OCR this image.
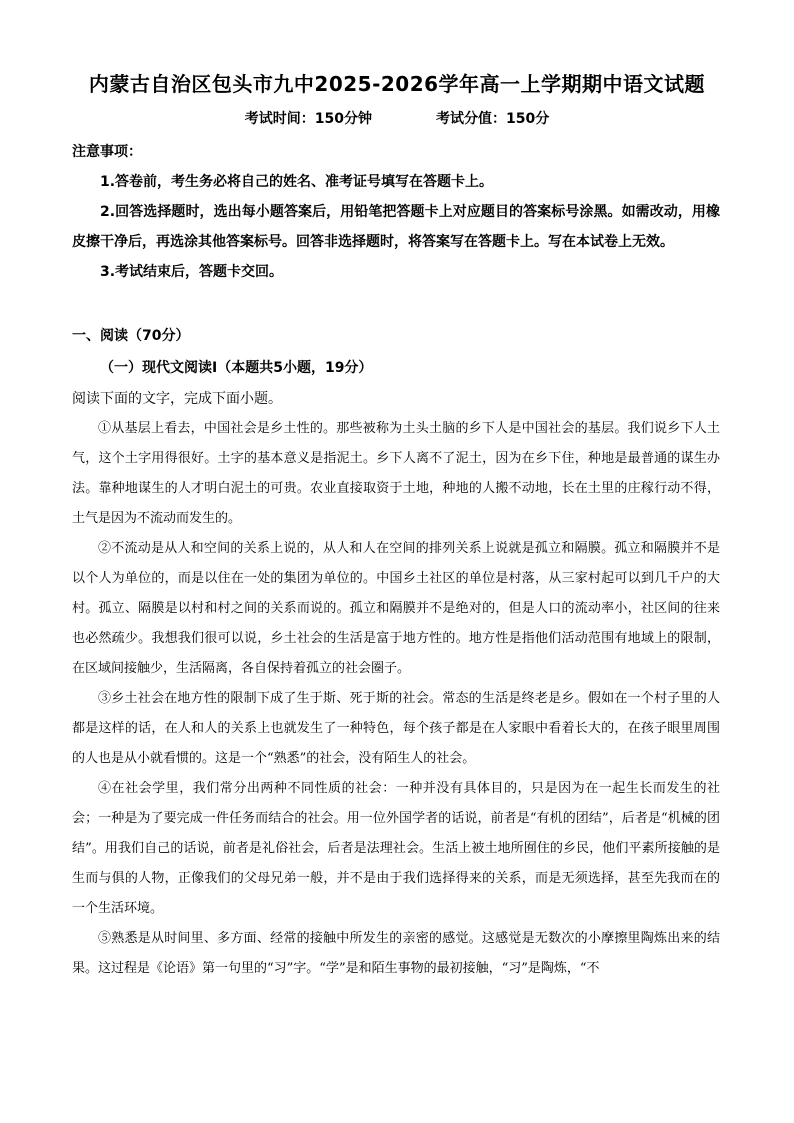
内蒙古自治区包头市九中2025-2026学年高一上学期期中语文试题
考试时间：150分钟	考试分值：150分
注意事项：

1.答卷前，考生务必将自己的姓名、准考证号填写在答题卡上。

2.回答选择题时，选出每小题答案后，用铅笔把答题卡上对应题目的答案标号涂黑。如需改动，用橡皮擦干净后，再选涂其他答案标号。回答非选择题时，将答案写在答题卡上。写在本试卷上无效。

3.考试结束后，答题卡交回。

一、阅读（70分）
（一）现代文阅读Ⅰ（本题共5小题，19分）
阅读下面的文字，完成下面小题。

①从基层上看去，中国社会是乡土性的。那些被称为土头土脑的乡下人是中国社会的基层。我们说乡下人土气，这个土字用得很好。土字的基本意义是指泥土。乡下人离不了泥土，因为在乡下住，种地是最普通的谋生办法。靠种地谋生的人才明白泥土的可贵。农业直接取资于土地，种地的人搬不动地，长在土里的庄稼行动不得，土气是因为不流动而发生的。

②不流动是从人和空间的关系上说的，从人和人在空间的排列关系上说就是孤立和隔膜。孤立和隔膜并不是以个人为单位的，而是以住在一处的集团为单位的。中国乡土社区的单位是村落，从三家村起可以到几千户的大村。孤立、隔膜是以村和村之间的关系而说的。孤立和隔膜并不是绝对的，但是人口的流动率小，社区间的往来也必然疏少。我想我们很可以说，乡土社会的生活是富于地方性的。地方性是指他们活动范围有地域上的限制，在区域间接触少，生活隔离，各自保持着孤立的社会圈子。

③乡土社会在地方性的限制下成了生于斯、死于斯的社会。常态的生活是终老是乡。假如在一个村子里的人都是这样的话，在人和人的关系上也就发生了一种特色，每个孩子都是在人家眼中看着长大的，在孩子眼里周围的人也是从小就看惯的。这是一个“熟悉”的社会，没有陌生人的社会。

④在社会学里，我们常分出两种不同性质的社会：一种并没有具体目的，只是因为在一起生长而发生的社会；一种是为了要完成一件任务而结合的社会。用一位外国学者的话说，前者是“有机的团结”，后者是“机械的团结”。用我们自己的话说，前者是礼俗社会，后者是法理社会。生活上被土地所囿住的乡民，他们平素所接触的是生而与俱的人物，正像我们的父母兄弟一般，并不是由于我们选择得来的关系，而是无须选择，甚至先我而在的一个生活环境。

⑤熟悉是从时间里、多方面、经常的接触中所发生的亲密的感觉。这感觉是无数次的小摩擦里陶炼出来的结果。这过程是《论语》第一句里的“习”字。“学”是和陌生事物的最初接触，“习”是陶炼，“不
